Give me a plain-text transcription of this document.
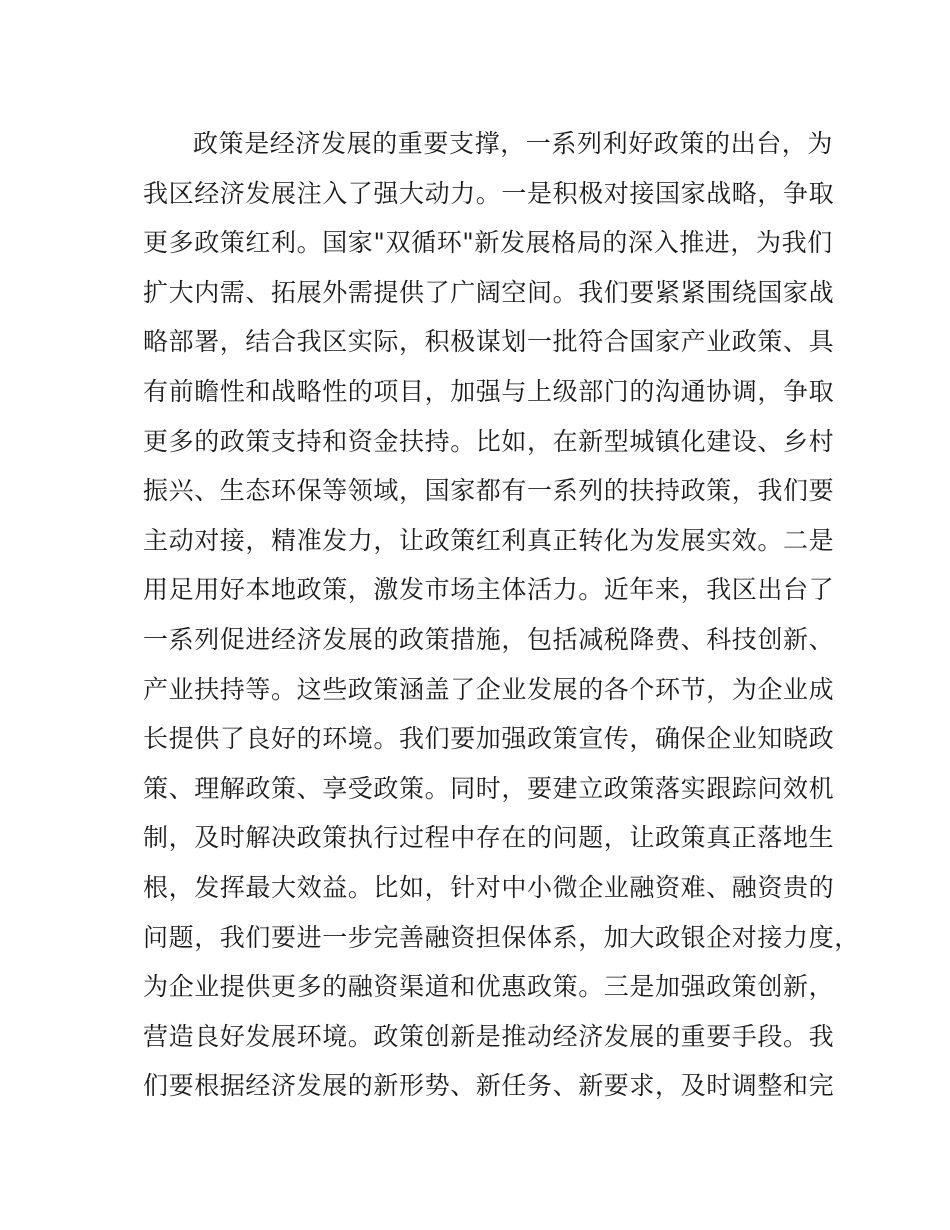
政策是经济发展的重要支撑，一系列利好政策的出台，为
我区经济发展注入了强大动力。一是积极对接国家战略，争取
更多政策红利。国家"双循环"新发展格局的深入推进，为我们
扩大内需、拓展外需提供了广阔空间。我们要紧紧围绕国家战
略部署，结合我区实际，积极谋划一批符合国家产业政策、具
有前瞻性和战略性的项目，加强与上级部门的沟通协调，争取
更多的政策支持和资金扶持。比如，在新型城镇化建设、乡村
振兴、生态环保等领域，国家都有一系列的扶持政策，我们要
主动对接，精准发力，让政策红利真正转化为发展实效。二是
用足用好本地政策，激发市场主体活力。近年来，我区出台了
一系列促进经济发展的政策措施，包括减税降费、科技创新、
产业扶持等。这些政策涵盖了企业发展的各个环节，为企业成
长提供了良好的环境。我们要加强政策宣传，确保企业知晓政
策、理解政策、享受政策。同时，要建立政策落实跟踪问效机
制，及时解决政策执行过程中存在的问题，让政策真正落地生
根，发挥最大效益。比如，针对中小微企业融资难、融资贵的
问题，我们要进一步完善融资担保体系，加大政银企对接力度，
为企业提供更多的融资渠道和优惠政策。三是加强政策创新，
营造良好发展环境。政策创新是推动经济发展的重要手段。我
们要根据经济发展的新形势、新任务、新要求，及时调整和完
